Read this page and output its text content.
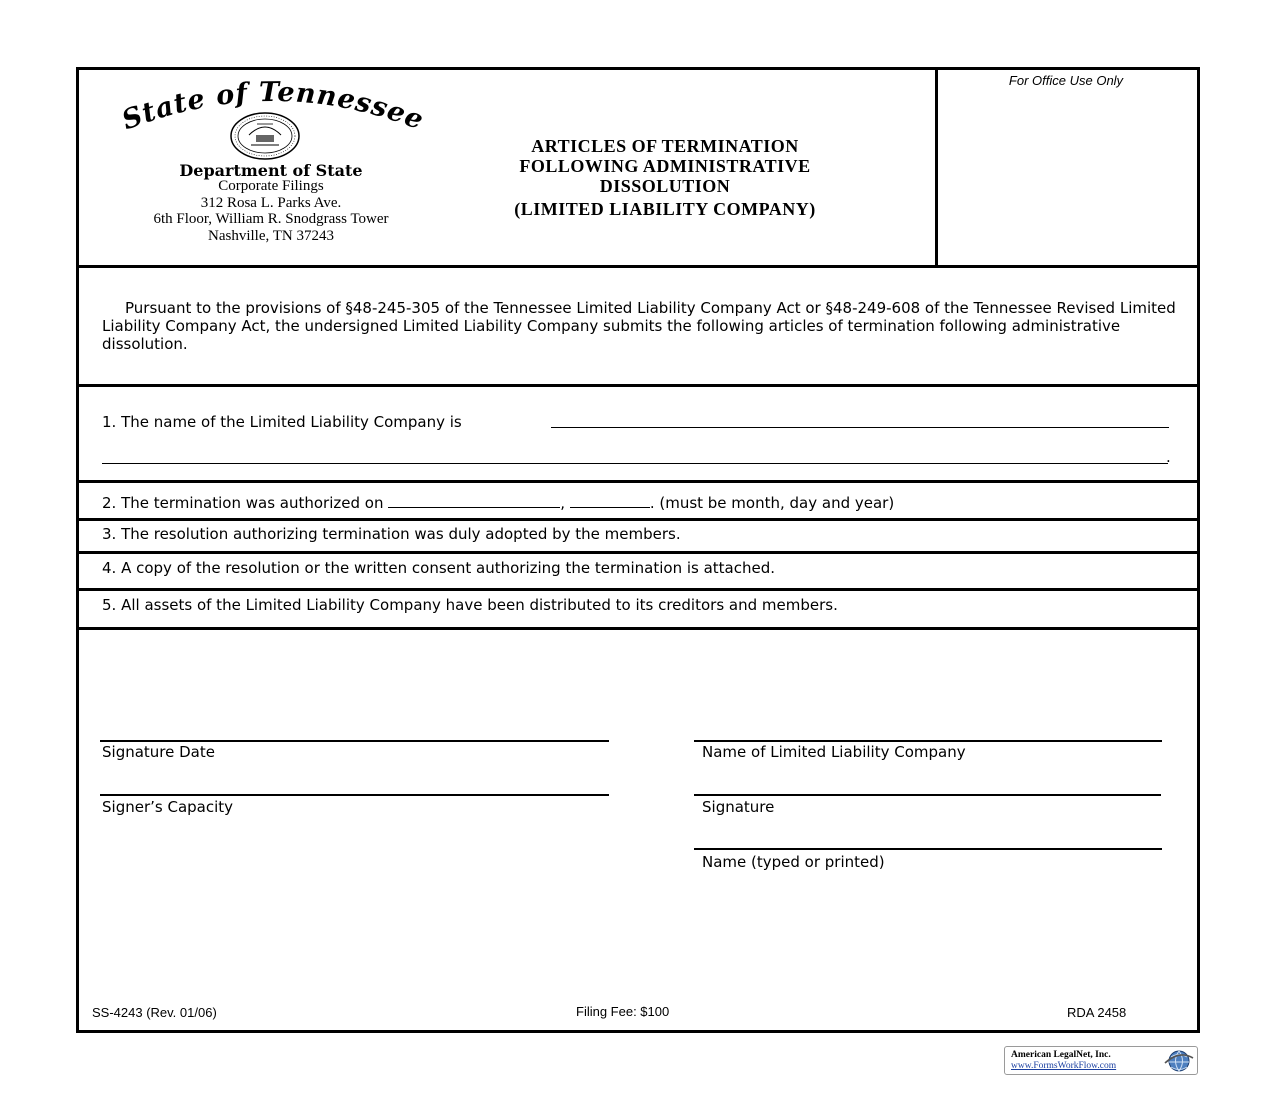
State of Tennessee
Department of State
Corporate Filings
312 Rosa L. Parks Ave.
6th Floor, William R. Snodgrass Tower
Nashville, TN 37243
ARTICLES OF TERMINATION
FOLLOWING ADMINISTRATIVE
DISSOLUTION
(LIMITED LIABILITY COMPANY)
For Office Use Only
Pursuant to the provisions of §48-245-305 of the Tennessee Limited Liability Company Act or §48-249-608 of the Tennessee Revised Limited Liability Company Act, the undersigned Limited Liability Company submits the following articles of termination following administrative dissolution.
1. The name of the Limited Liability Company is
.
2. The termination was authorized on	,	. (must be month, day and year)
3. The resolution authorizing termination was duly adopted by the members.
4. A copy of the resolution or the written consent authorizing the termination is attached.
5. All assets of the Limited Liability Company have been distributed to its creditors and members.
Signature Date
Signer’s Capacity
Name of Limited Liability Company
Signature
Name (typed or printed)
SS-4243 (Rev. 01/06)	Filing Fee: $100	RDA 2458
American LegalNet, Inc.
www.FormsWorkFlow.com
